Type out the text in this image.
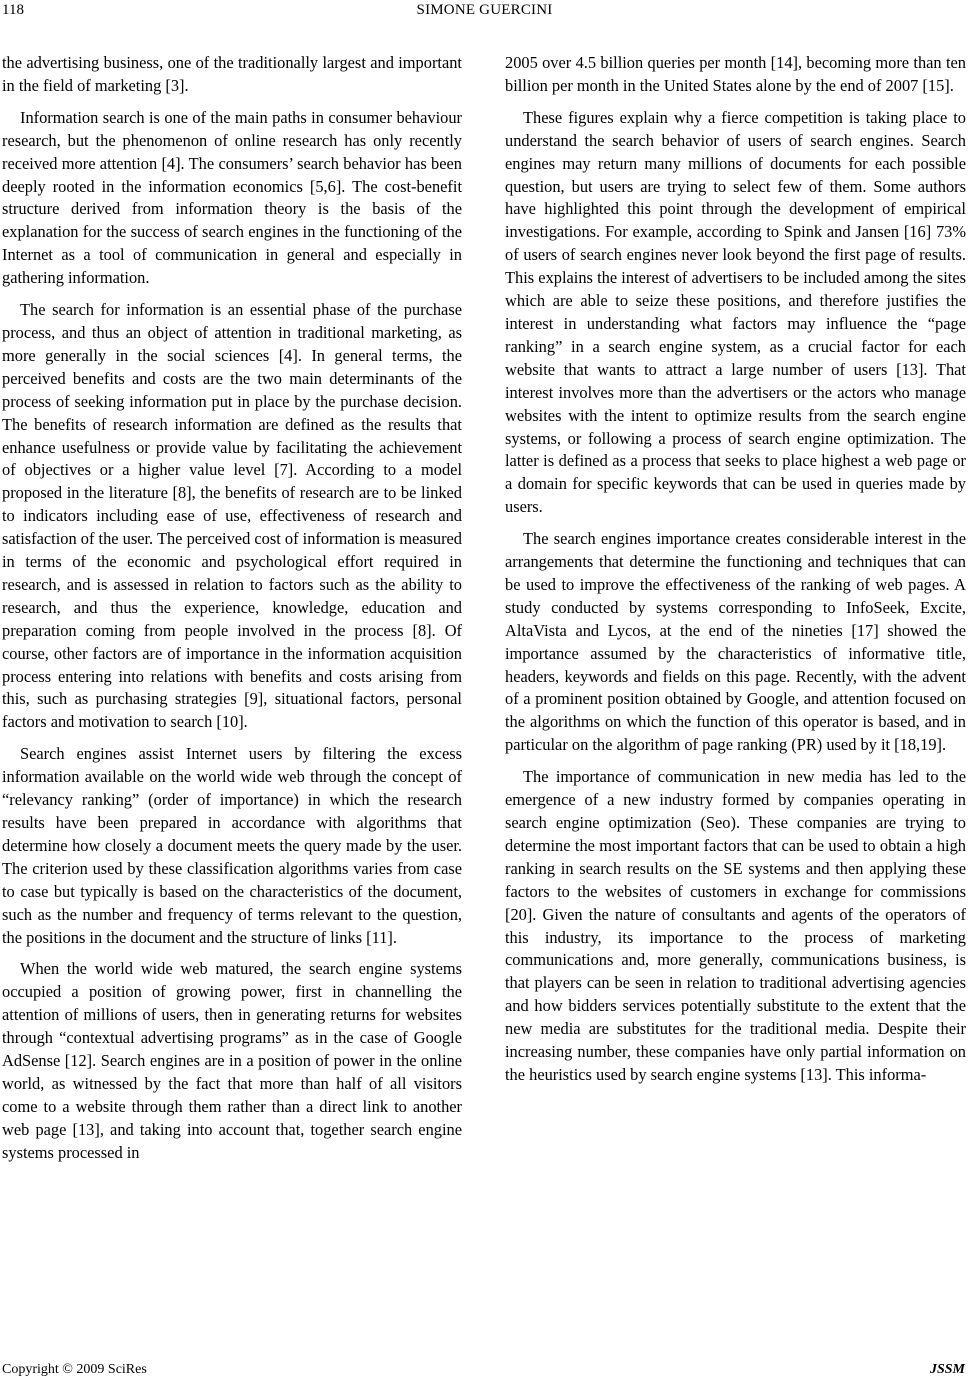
118	SIMONE GUERCINI

the advertising business, one of the traditionally largest and important in the field of marketing [3].

Information search is one of the main paths in consumer behaviour research, but the phenomenon of online research has only recently received more attention [4]. The consumers’ search behavior has been deeply rooted in the information economics [5,6]. The cost-benefit structure derived from information theory is the basis of the explanation for the success of search engines in the functioning of the Internet as a tool of communication in general and especially in gathering information.

The search for information is an essential phase of the purchase process, and thus an object of attention in traditional marketing, as more generally in the social sciences [4]. In general terms, the perceived benefits and costs are the two main determinants of the process of seeking information put in place by the purchase decision. The benefits of research information are defined as the results that enhance usefulness or provide value by facilitating the achievement of objectives or a higher value level [7]. According to a model proposed in the literature [8], the benefits of research are to be linked to indicators including ease of use, effectiveness of research and satisfaction of the user. The perceived cost of information is measured in terms of the economic and psychological effort required in research, and is assessed in relation to factors such as the ability to research, and thus the experience, knowledge, education and preparation coming from people involved in the process [8]. Of course, other factors are of importance in the information acquisition process entering into relations with benefits and costs arising from this, such as purchasing strategies [9], situational factors, personal factors and motivation to search [10].

Search engines assist Internet users by filtering the excess information available on the world wide web through the concept of “relevancy ranking” (order of importance) in which the research results have been prepared in accordance with algorithms that determine how closely a document meets the query made by the user. The criterion used by these classification algorithms varies from case to case but typically is based on the characteristics of the document, such as the number and frequency of terms relevant to the question, the positions in the document and the structure of links [11].

When the world wide web matured, the search engine systems occupied a position of growing power, first in channelling the attention of millions of users, then in generating returns for websites through “contextual advertising programs” as in the case of Google AdSense [12]. Search engines are in a position of power in the online world, as witnessed by the fact that more than half of all visitors come to a website through them rather than a direct link to another web page [13], and taking into account that, together search engine systems processed in

2005 over 4.5 billion queries per month [14], becoming more than ten billion per month in the United States alone by the end of 2007 [15].

These figures explain why a fierce competition is taking place to understand the search behavior of users of search engines. Search engines may return many millions of documents for each possible question, but users are trying to select few of them. Some authors have highlighted this point through the development of empirical investigations. For example, according to Spink and Jansen [16] 73% of users of search engines never look beyond the first page of results. This explains the interest of advertisers to be included among the sites which are able to seize these positions, and therefore justifies the interest in understanding what factors may influence the “page ranking” in a search engine system, as a crucial factor for each website that wants to attract a large number of users [13]. That interest involves more than the advertisers or the actors who manage websites with the intent to optimize results from the search engine systems, or following a process of search engine optimization. The latter is defined as a process that seeks to place highest a web page or a domain for specific keywords that can be used in queries made by users.

The search engines importance creates considerable interest in the arrangements that determine the functioning and techniques that can be used to improve the effectiveness of the ranking of web pages. A study conducted by systems corresponding to InfoSeek, Excite, AltaVista and Lycos, at the end of the nineties [17] showed the importance assumed by the characteristics of informative title, headers, keywords and fields on this page. Recently, with the advent of a prominent position obtained by Google, and attention focused on the algorithms on which the function of this operator is based, and in particular on the algorithm of page ranking (PR) used by it [18,19].

The importance of communication in new media has led to the emergence of a new industry formed by companies operating in search engine optimization (Seo). These companies are trying to determine the most important factors that can be used to obtain a high ranking in search results on the SE systems and then applying these factors to the websites of customers in exchange for commissions [20]. Given the nature of consultants and agents of the operators of this industry, its importance to the process of marketing communications and, more generally, communications business, is that players can be seen in relation to traditional advertising agencies and how bidders services potentially substitute to the extent that the new media are substitutes for the traditional media. Despite their increasing number, these companies have only partial information on the heuristics used by search engine systems [13]. This informa-

Copyright © 2009 SciRes	JSSM
